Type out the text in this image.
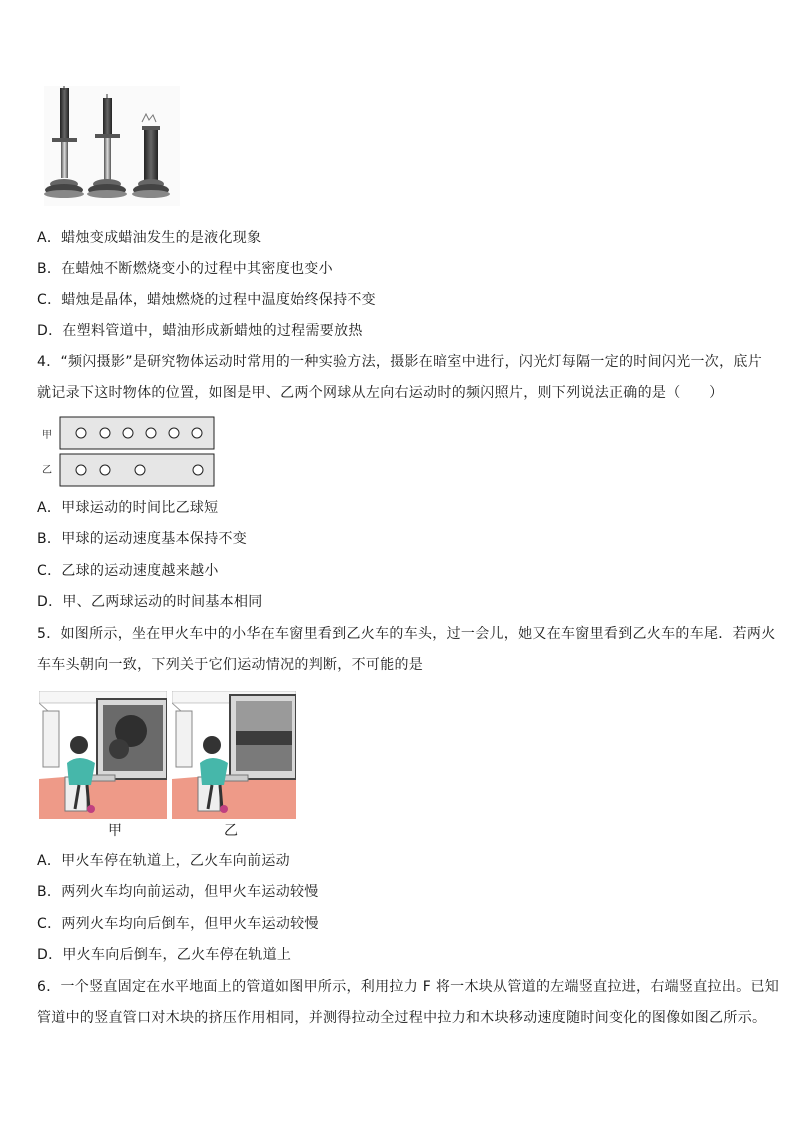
A．蜡烛变成蜡油发生的是液化现象
B．在蜡烛不断燃烧变小的过程中其密度也变小
C．蜡烛是晶体，蜡烛燃烧的过程中温度始终保持不变
D．在塑料管道中，蜡油形成新蜡烛的过程需要放热
4．“频闪摄影”是研究物体运动时常用的一种实验方法，摄影在暗室中进行，闪光灯每隔一定的时间闪光一次，底片
就记录下这时物体的位置，如图是甲、乙两个网球从左向右运动时的频闪照片，则下列说法正确的是（　　）
甲
乙
A．甲球运动的时间比乙球短
B．甲球的运动速度基本保持不变
C．乙球的运动速度越来越小
D．甲、乙两球运动的时间基本相同
5．如图所示，坐在甲火车中的小华在车窗里看到乙火车的车头，过一会儿，她又在车窗里看到乙火车的车尾．若两火
车车头朝向一致，下列关于它们运动情况的判断，不可能的是
甲	乙
A．甲火车停在轨道上，乙火车向前运动
B．两列火车均向前运动，但甲火车运动较慢
C．两列火车均向后倒车，但甲火车运动较慢
D．甲火车向后倒车，乙火车停在轨道上
6．一个竖直固定在水平地面上的管道如图甲所示，利用拉力 F 将一木块从管道的左端竖直拉进，右端竖直拉出。已知
管道中的竖直管口对木块的挤压作用相同，并测得拉动全过程中拉力和木块移动速度随时间变化的图像如图乙所示。
